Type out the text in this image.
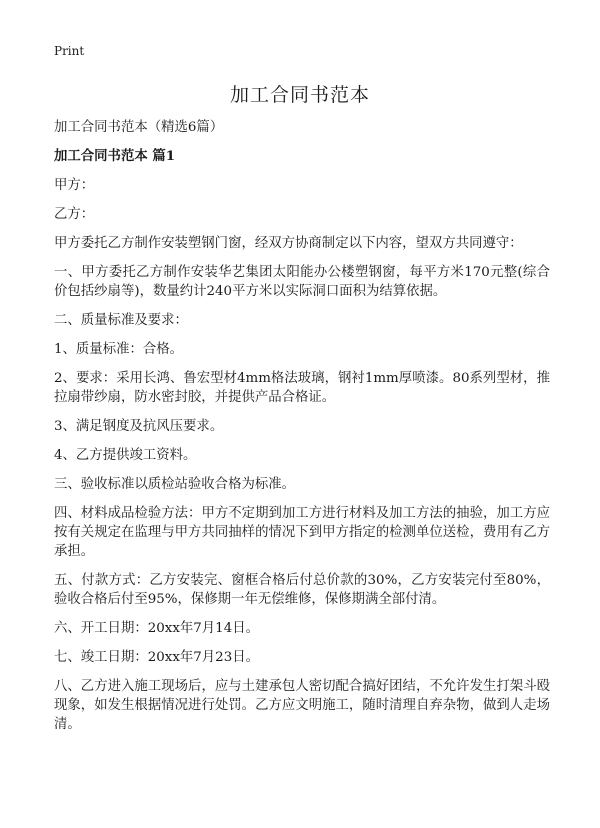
Print
加工合同书范本

加工合同书范本（精选6篇）

加工合同书范本 篇1

甲方：

乙方：

甲方委托乙方制作安装塑钢门窗，经双方协商制定以下内容，望双方共同遵守：

一、甲方委托乙方制作安装华艺集团太阳能办公楼塑钢窗，每平方米170元整(综合价包括纱扇等)，数量约计240平方米以实际洞口面积为结算依据。

二、质量标准及要求：

1、质量标准：合格。

2、要求：采用长鸿、鲁宏型材4mm格法玻璃，钢衬1mm厚喷漆。80系列型材，推拉扇带纱扇，防水密封胶，并提供产品合格证。

3、满足钢度及抗风压要求。

4、乙方提供竣工资料。

三、验收标准以质检站验收合格为标准。

四、材料成品检验方法：甲方不定期到加工方进行材料及加工方法的抽验，加工方应按有关规定在监理与甲方共同抽样的情况下到甲方指定的检测单位送检，费用有乙方承担。

五、付款方式：乙方安装完、窗框合格后付总价款的30%，乙方安装完付至80%，验收合格后付至95%，保修期一年无偿维修，保修期满全部付清。

六、开工日期：20xx年7月14日。

七、竣工日期：20xx年7月23日。

八、乙方进入施工现场后，应与土建承包人密切配合搞好团结，不允许发生打架斗殴现象，如发生根据情况进行处罚。乙方应文明施工，随时清理自弃杂物，做到人走场清。
